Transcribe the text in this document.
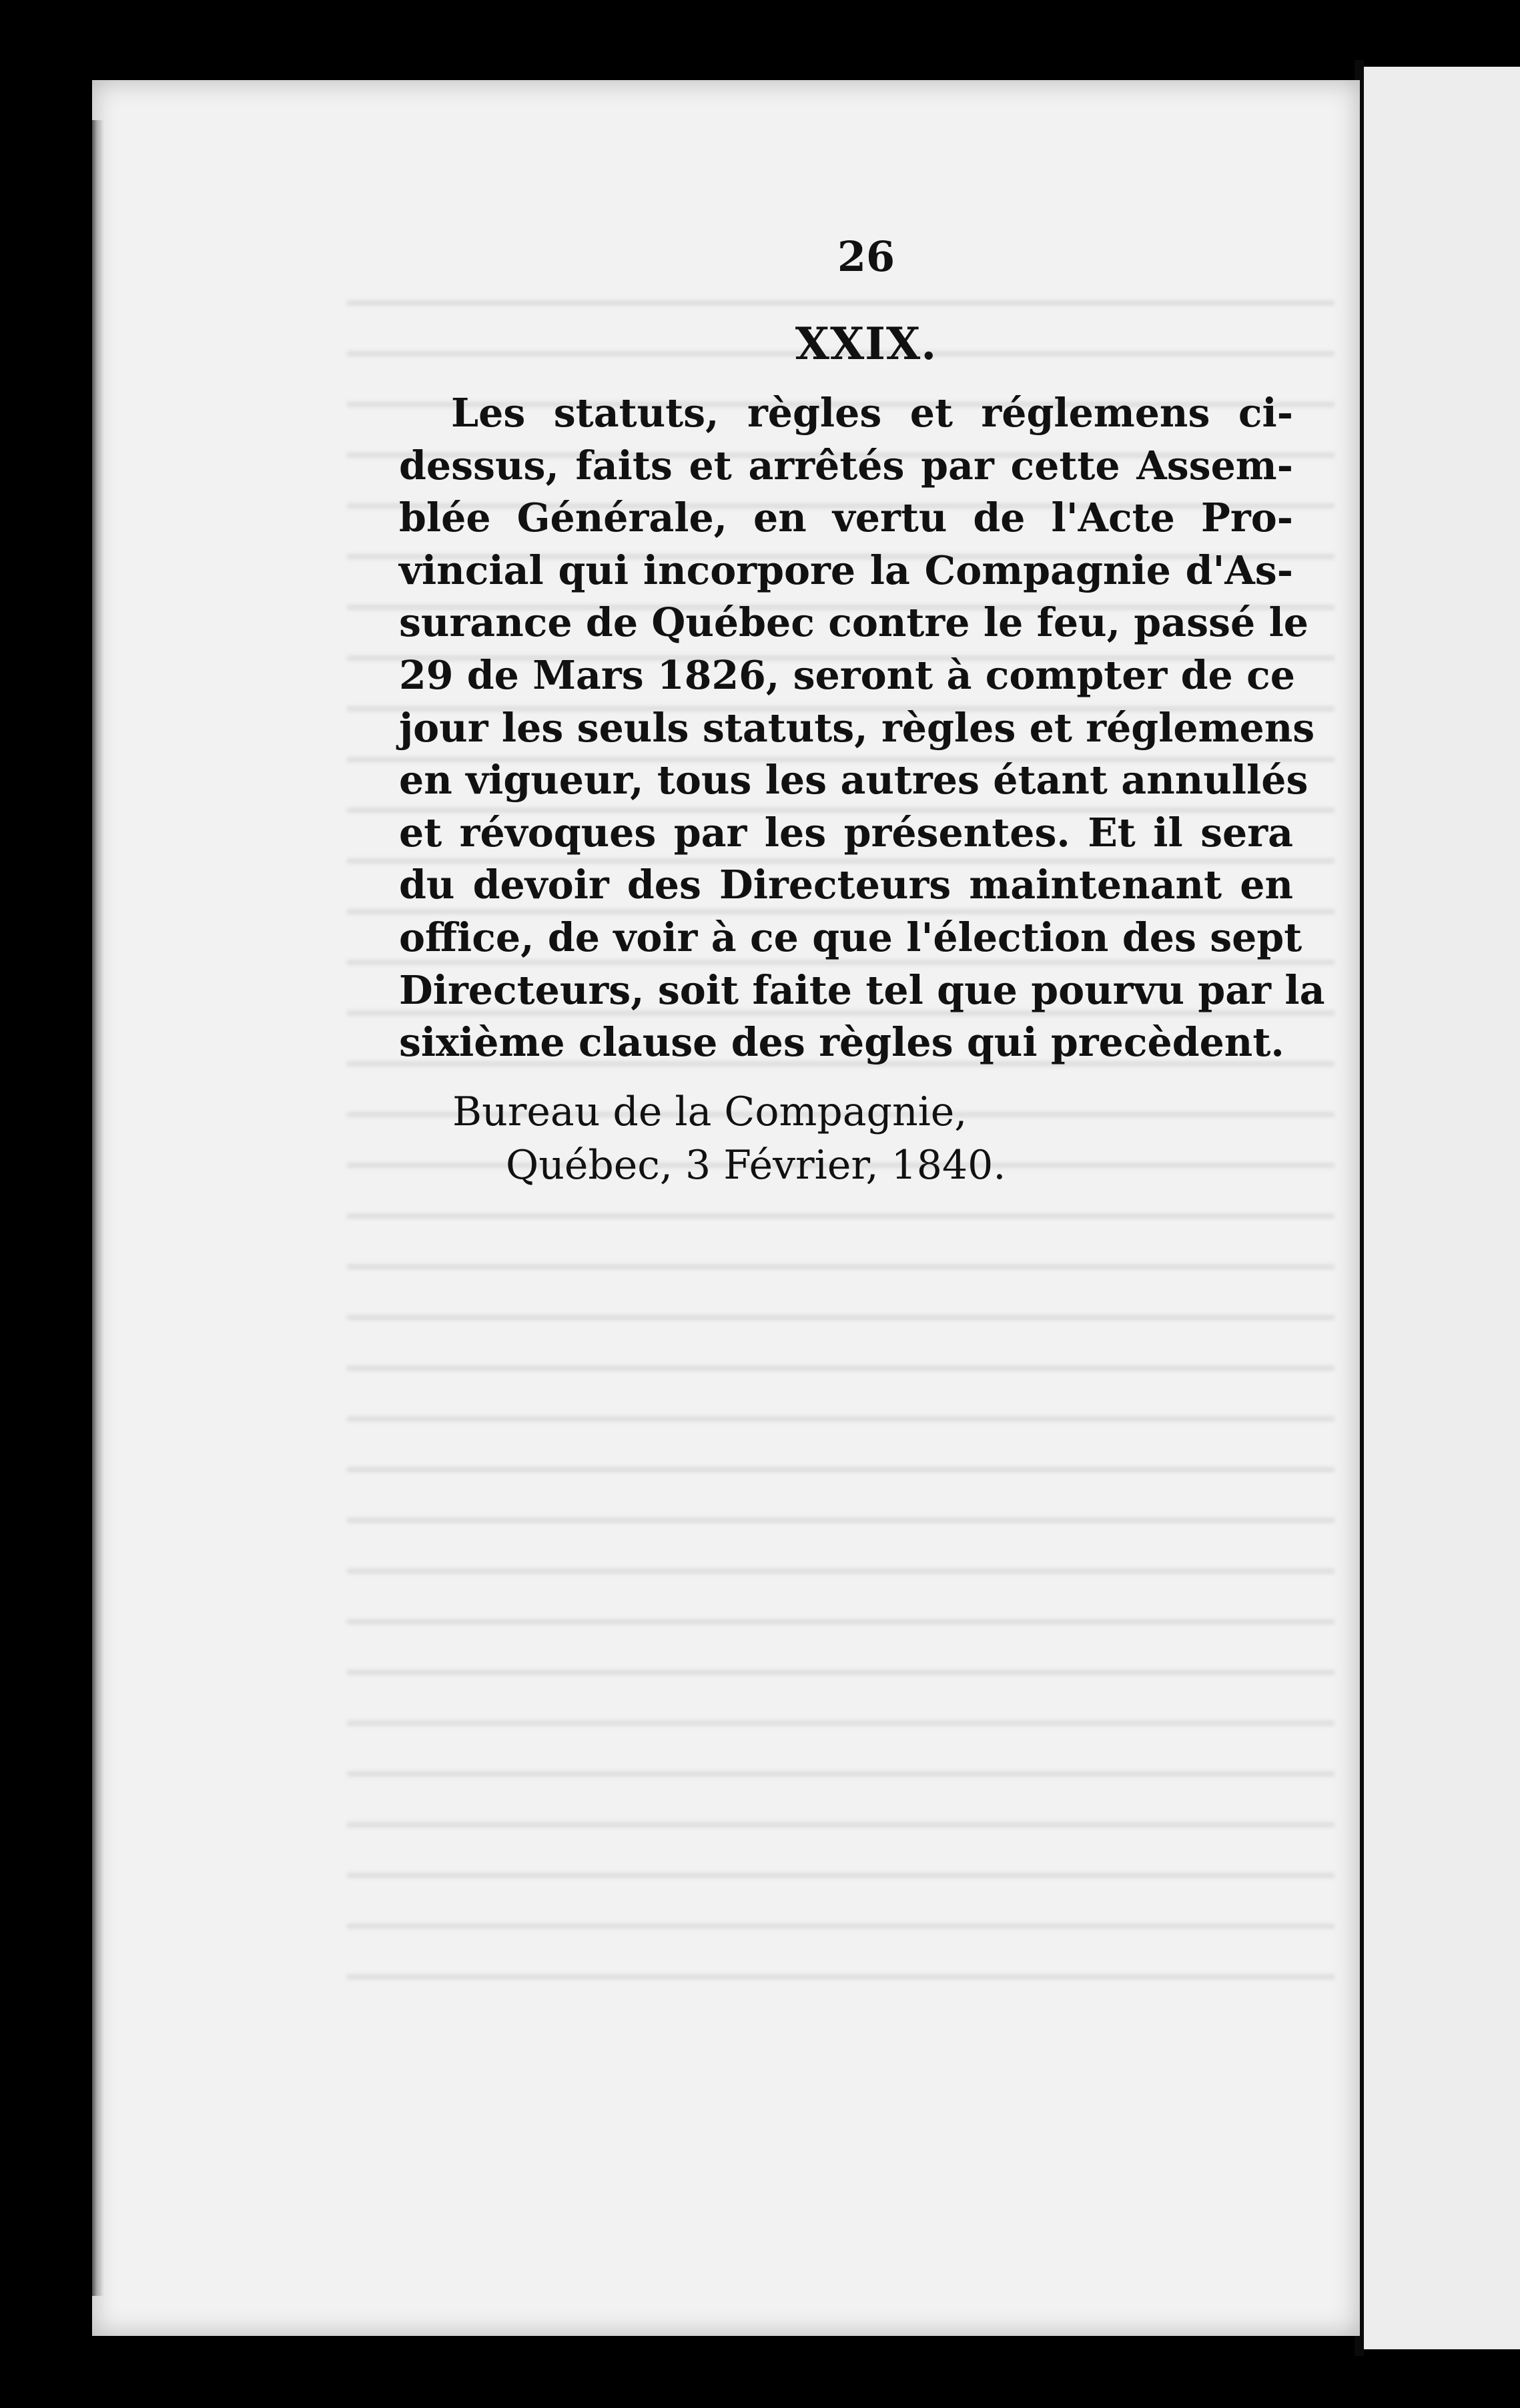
26
XXIX.

Les statuts, règles et réglemens ci-
dessus, faits et arrêtés par cette Assem-
blée Générale, en vertu de l'Acte Pro-
vincial qui incorpore la Compagnie d'As-
surance de Québec contre le feu, passé le
29 de Mars 1826, seront à compter de ce
jour les seuls statuts, règles et réglemens
en vigueur, tous les autres étant annullés
et révoques par les présentes. Et il sera
du devoir des Directeurs maintenant en
office, de voir à ce que l'élection des sept
Directeurs, soit faite tel que pourvu par la
sixième clause des règles qui precèdent.

Bureau de la Compagnie,
Québec, 3 Février, 1840.
